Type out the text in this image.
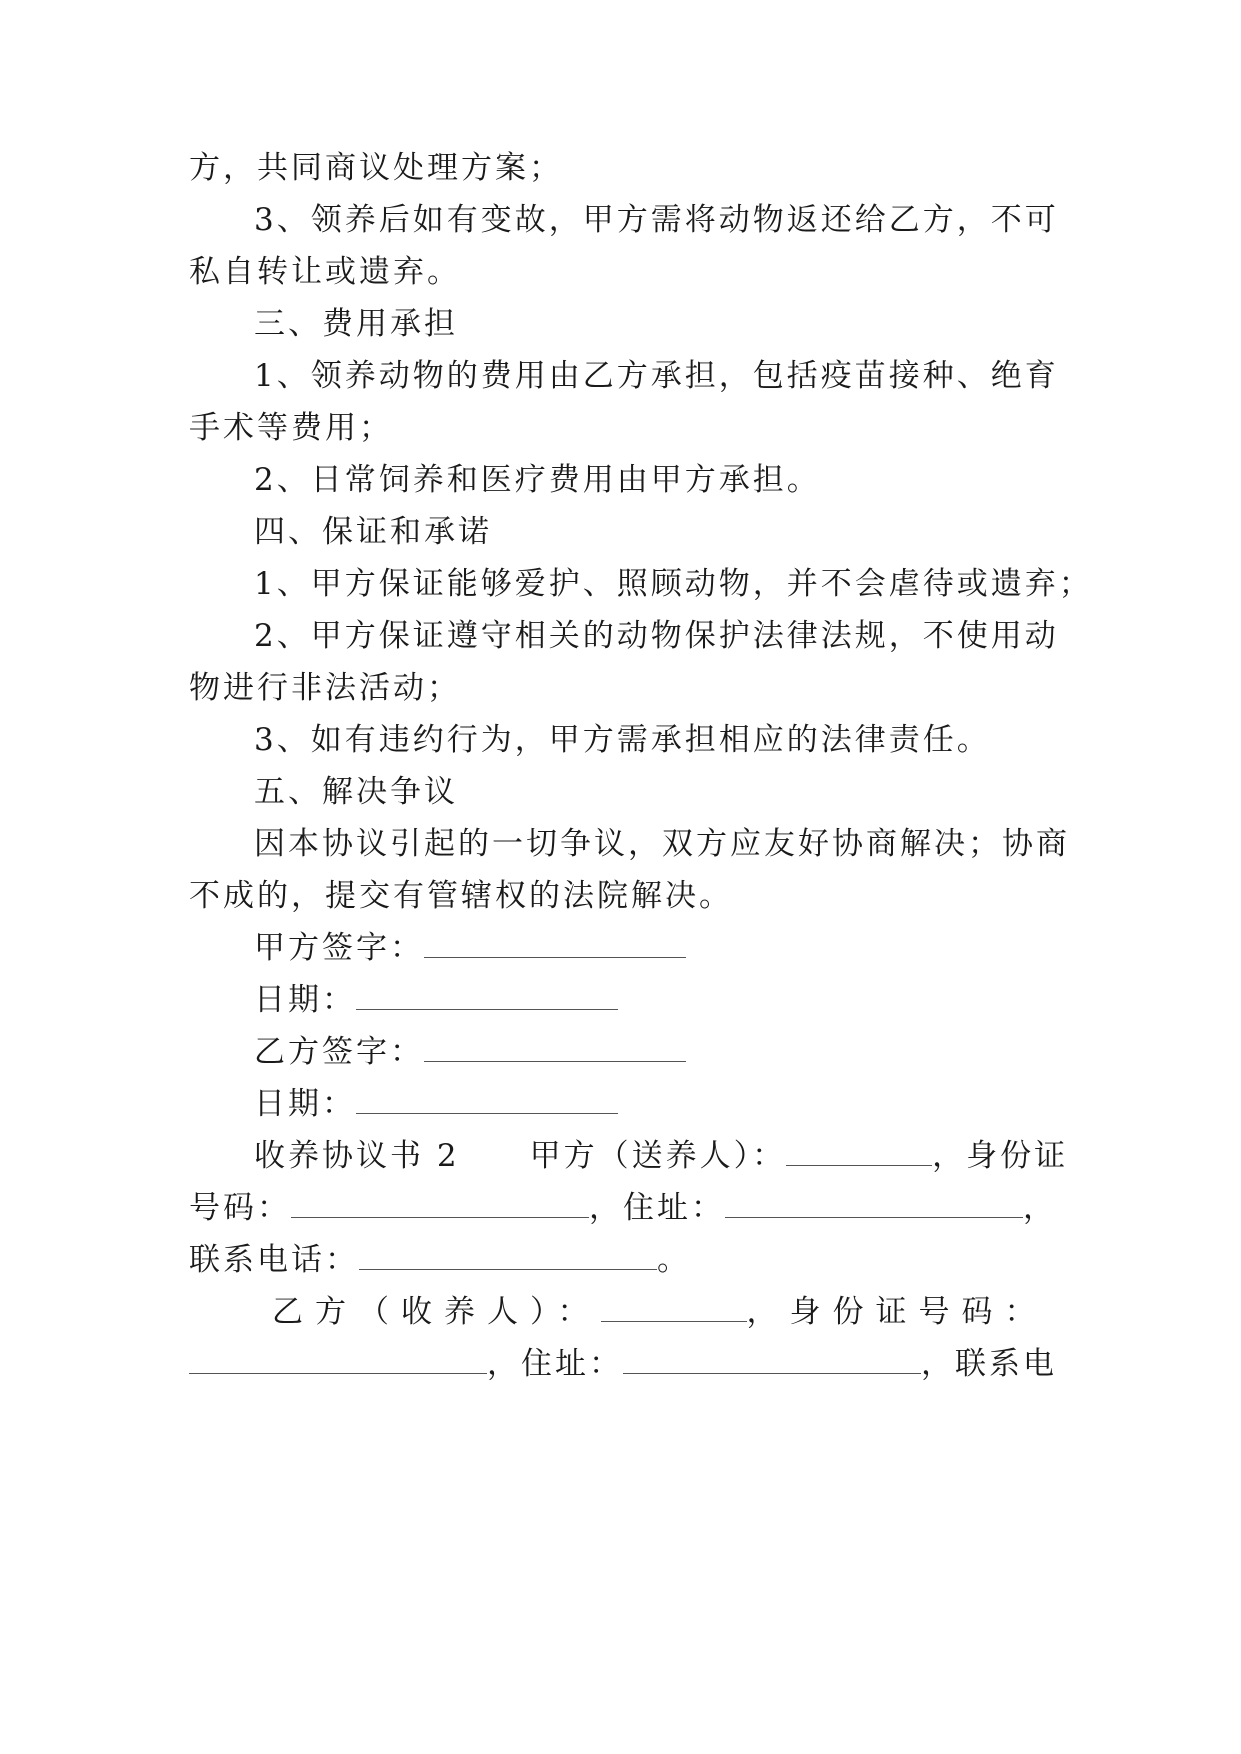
方，共同商议处理方案；
3、领养后如有变故，甲方需将动物返还给乙方，不可
私自转让或遗弃。
三、费用承担
1、领养动物的费用由乙方承担，包括疫苗接种、绝育
手术等费用；
2、日常饲养和医疗费用由甲方承担。
四、保证和承诺
1、甲方保证能够爱护、照顾动物，并不会虐待或遗弃；
2、甲方保证遵守相关的动物保护法律法规，不使用动
物进行非法活动；
3、如有违约行为，甲方需承担相应的法律责任。
五、解决争议
因本协议引起的一切争议，双方应友好协商解决；协商
不成的，提交有管辖权的法院解决。
甲方签字：
日期：
乙方签字：
日期：
收养协议书 2 甲方（送养人）：	，身份证
号码：	，住址：	，
联系电话：	。
乙方（收养人）：	，身份证号码：
，住址：	，联系电
